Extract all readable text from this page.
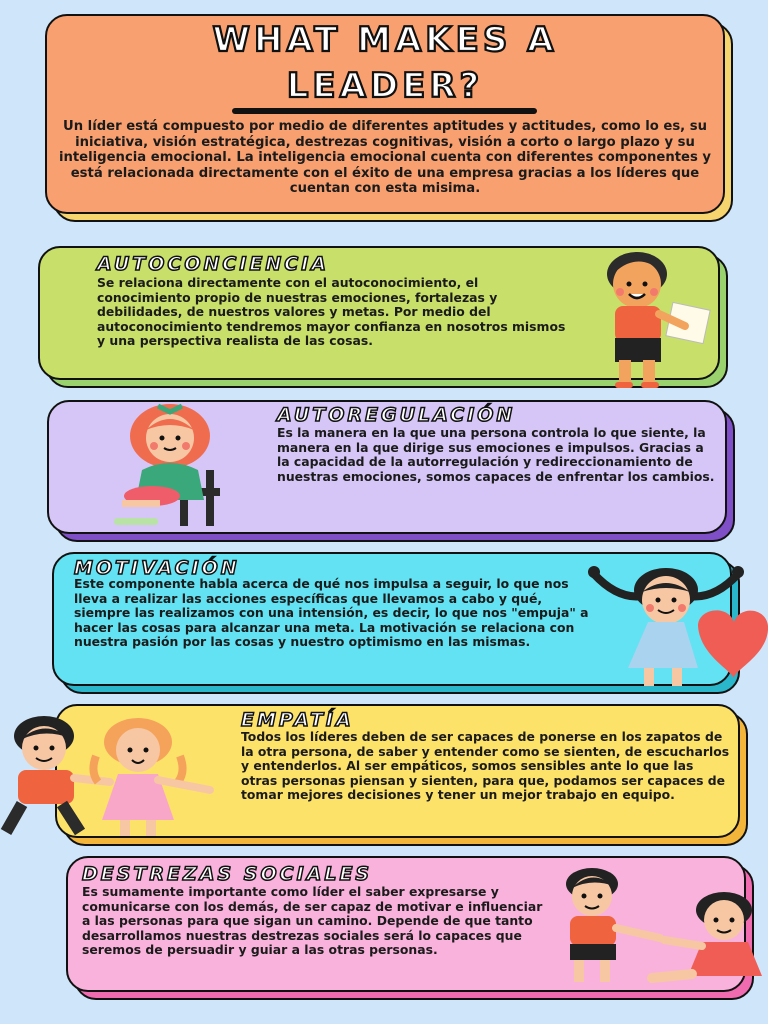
WHAT MAKES A
LEADER?

Un líder está compuesto por medio de diferentes aptitudes y actitudes, como lo es, su iniciativa, visión estratégica, destrezas cognitivas, visión a corto o largo plazo y su inteligencia emocional. La inteligencia emocional cuenta con diferentes componentes y está relacionada directamente con el éxito de una empresa gracias a los líderes que cuentan con esta misima.

AUTOCONCIENCIA

Se relaciona directamente con el autoconocimiento, el conocimiento propio de nuestras emociones, fortalezas y debilidades, de nuestros valores y metas. Por medio del autoconocimiento tendremos mayor confianza en nosotros mismos y una perspectiva realista de las cosas.

AUTOREGULACIÓN

Es la manera en la que una persona controla lo que siente, la manera en la que dirige sus emociones e impulsos. Gracias a la capacidad de la autorregulación y redireccionamiento de nuestras emociones, somos capaces de enfrentar los cambios.

MOTIVACIÓN

Este componente habla acerca de qué nos impulsa a seguir, lo que nos lleva a realizar las acciones específicas que llevamos a cabo y qué, siempre las realizamos con una intensión, es decir, lo que nos "empuja" a hacer las cosas para alcanzar una meta. La motivación se relaciona con nuestra pasión por las cosas y nuestro optimismo en las mismas.

EMPATÍA

Todos los líderes deben de ser capaces de ponerse en los zapatos de la otra persona, de saber y entender como se sienten, de escucharlos y entenderlos. Al ser empáticos, somos sensibles ante lo que las otras personas piensan y sienten, para que, podamos ser capaces de tomar mejores decisiones y tener un mejor trabajo en equipo.

DESTREZAS SOCIALES

Es sumamente importante como líder el saber expresarse y comunicarse con los demás, de ser capaz de motivar e influenciar a las personas para que sigan un camino. Depende de que tanto desarrollamos nuestras destrezas sociales será lo capaces que seremos de persuadir y guiar a las otras personas.
